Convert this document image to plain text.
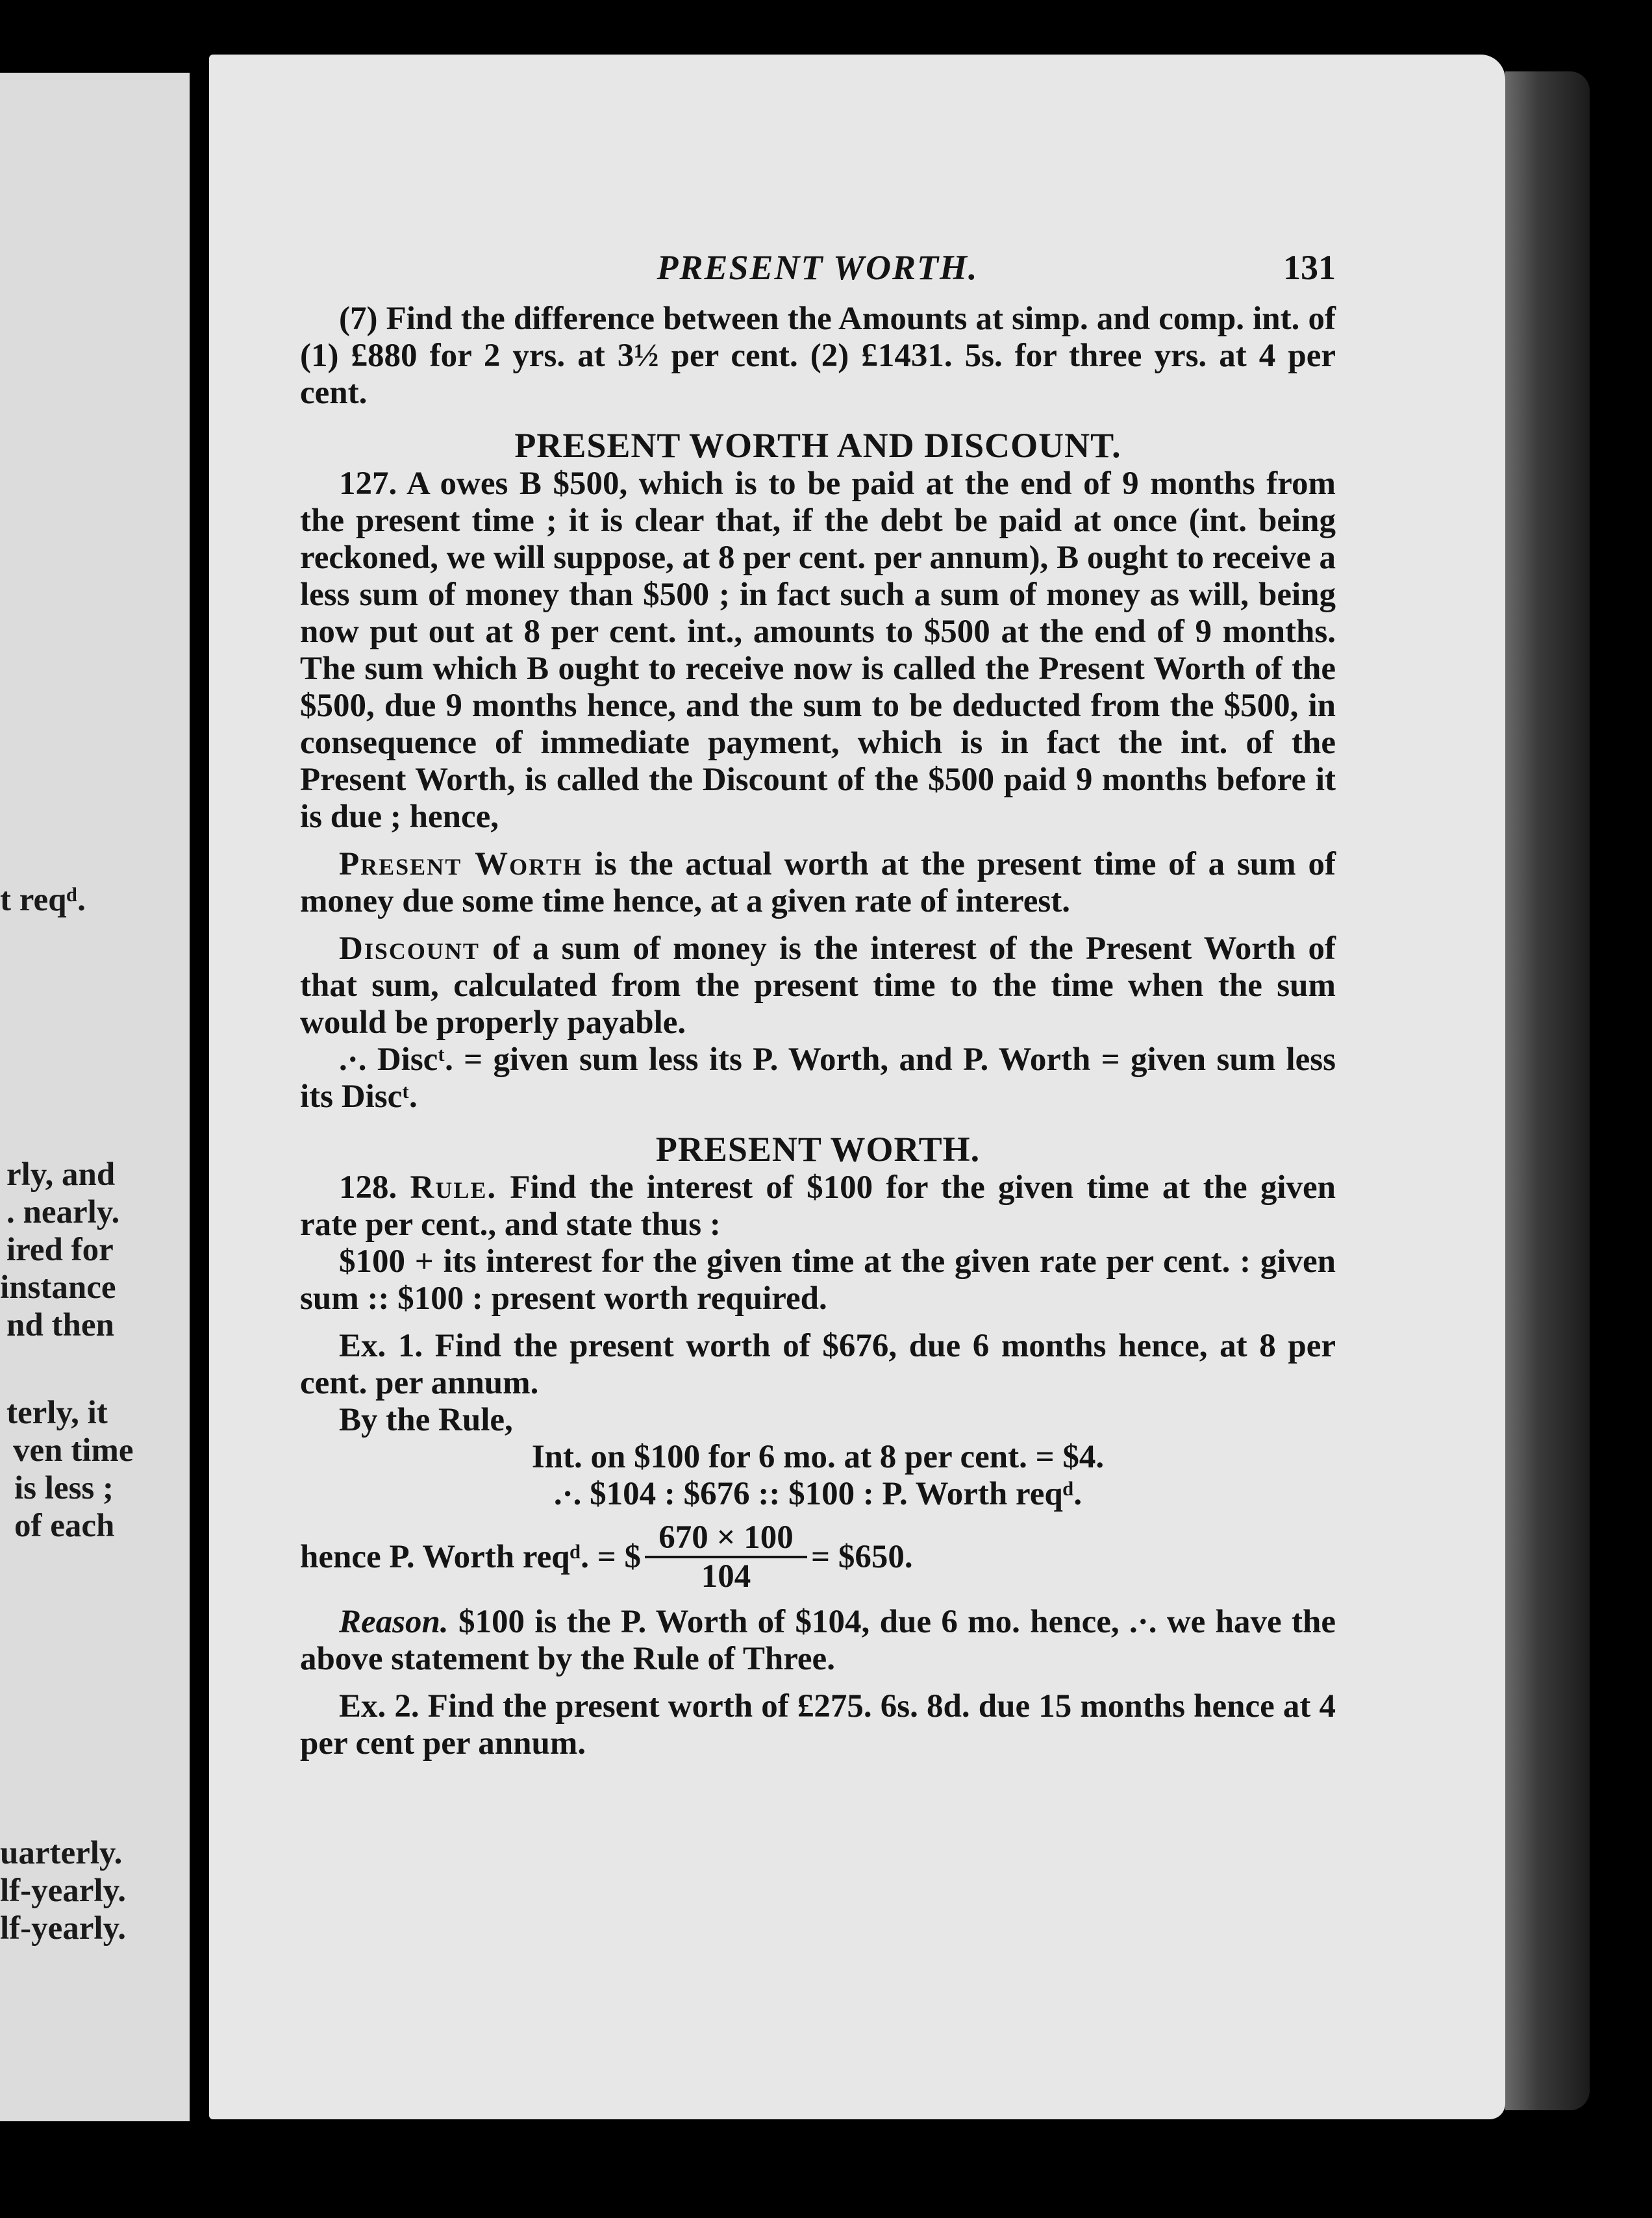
t reqᵈ.
rly, and
. nearly.
ired for
instance
nd then
terly, it
ven time
is less ;
of each
uarterly.
lf-yearly.
lf-yearly.
PRESENT WORTH.	131

(7) Find the difference between the Amounts at simp. and comp. int. of (1) £880 for 2 yrs. at 3½ per cent. (2) £1431. 5s. for three yrs. at 4 per cent.

PRESENT WORTH AND DISCOUNT.

127. A owes B $500, which is to be paid at the end of 9 months from the present time ; it is clear that, if the debt be paid at once (int. being reckoned, we will suppose, at 8 per cent. per annum), B ought to receive a less sum of money than $500 ; in fact such a sum of money as will, being now put out at 8 per cent. int., amounts to $500 at the end of 9 months. The sum which B ought to receive now is called the Present Worth of the $500, due 9 months hence, and the sum to be deducted from the $500, in consequence of immediate payment, which is in fact the int. of the Present Worth, is called the Discount of the $500 paid 9 months before it is due ; hence,

Present Worth is the actual worth at the present time of a sum of money due some time hence, at a given rate of interest.

Discount of a sum of money is the interest of the Present Worth of that sum, calculated from the present time to the time when the sum would be properly payable.

.·. Discᵗ. = given sum less its P. Worth, and P. Worth = given sum less its Discᵗ.

PRESENT WORTH.

128. Rule. Find the interest of $100 for the given time at the given rate per cent., and state thus :

$100 + its interest for the given time at the given rate per cent. : given sum :: $100 : present worth required.

Ex. 1. Find the present worth of $676, due 6 months hence, at 8 per cent. per annum.

By the Rule,

Int. on $100 for 6 mo. at 8 per cent. = $4.

.·. $104 : $676 :: $100 : P. Worth reqᵈ.

hence P. Worth reqᵈ. = $ $\frac{670 \times 100}{104}$ = $650.

Reason. $100 is the P. Worth of $104, due 6 mo. hence, .·. we have the above statement by the Rule of Three.

Ex. 2. Find the present worth of £275. 6s. 8d. due 15 months hence at 4 per cent per annum.
